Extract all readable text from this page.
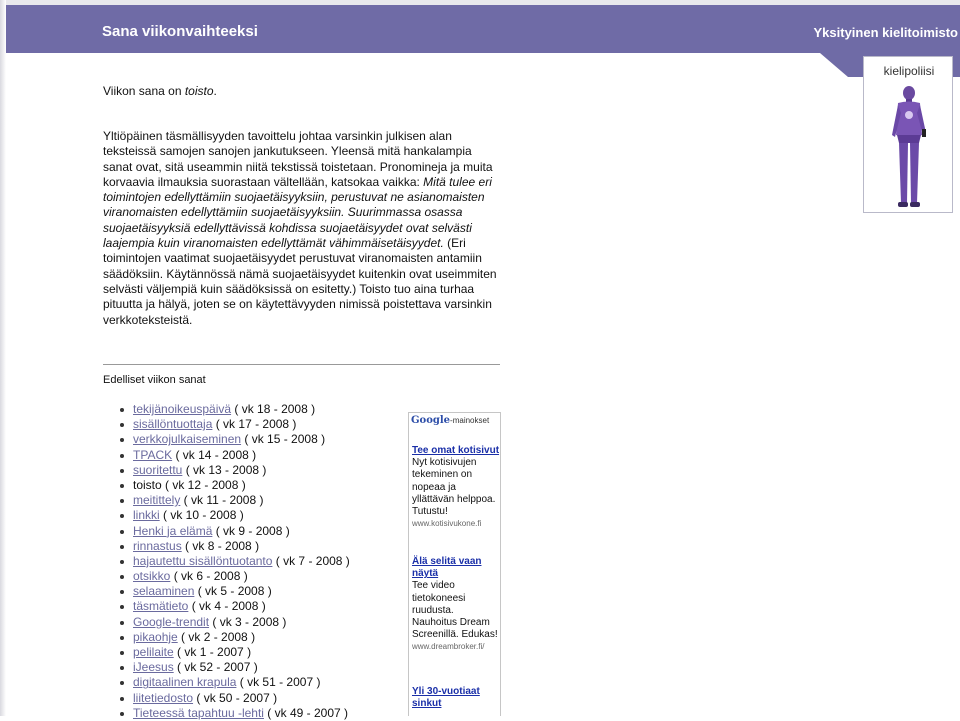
Sana viikonvaihteeksi	Yksityinen kielitoimisto
kielipoliisi
Viikon sana on toisto.
Yltiöpäinen täsmällisyyden tavoittelu johtaa varsinkin julkisen alan teksteissä samojen sanojen jankutukseen. Yleensä mitä hankalampia sanat ovat, sitä useammin niitä tekstissä toistetaan. Pronomineja ja muita korvaavia ilmauksia suorastaan vältellään, katsokaa vaikka: Mitä tulee eri toimintojen edellyttämiin suojaetäisyyksiin, perustuvat ne asianomaisten viranomaisten edellyttämiin suojaetäisyyksiin. Suurimmassa osassa suojaetäisyyksiä edellyttävissä kohdissa suojaetäisyydet ovat selvästi laajempia kuin viranomaisten edellyttämät vähimmäisetäisyydet. (Eri toimintojen vaatimat suojaetäisyydet perustuvat viranomaisten antamiin säädöksiin. Käytännössä nämä suojaetäisyydet kuitenkin ovat useimmiten selvästi väljempiä kuin säädöksissä on esitetty.) Toisto tuo aina turhaa pituutta ja hälyä, joten se on käytettävyyden nimissä poistettava varsinkin verkkoteksteistä.
Edelliset viikon sanat
tekijänoikeuspäivä ( vk 18 - 2008 )
sisällöntuottaja ( vk 17 - 2008 )
verkkojulkaiseminen ( vk 15 - 2008 )
TPACK ( vk 14 - 2008 )
suoritettu ( vk 13 - 2008 )
toisto ( vk 12 - 2008 )
meitittely ( vk 11 - 2008 )
linkki ( vk 10 - 2008 )
Henki ja elämä ( vk 9 - 2008 )
rinnastus ( vk 8 - 2008 )
hajautettu sisällöntuotanto ( vk 7 - 2008 )
otsikko ( vk 6 - 2008 )
selaaminen ( vk 5 - 2008 )
täsmätieto ( vk 4 - 2008 )
Google-trendit ( vk 3 - 2008 )
pikaohje ( vk 2 - 2008 )
pelilaite ( vk 1 - 2007 )
iJeesus ( vk 52 - 2007 )
digitaalinen krapula ( vk 51 - 2007 )
liitetiedosto ( vk 50 - 2007 )
Tieteessä tapahtuu -lehti ( vk 49 - 2007 )
Google-mainokset
Tee omat kotisivut
Nyt kotisivujen tekeminen on nopeaa ja yllättävän helppoa. Tutustu!
www.kotisivukone.fi
Älä selitä vaan näytä
Tee video tietokoneesi ruudusta. Nauhoitus Dream Screenillä. Edukas!
www.dreambroker.fi/
Yli 30-vuotiaat sinkut
